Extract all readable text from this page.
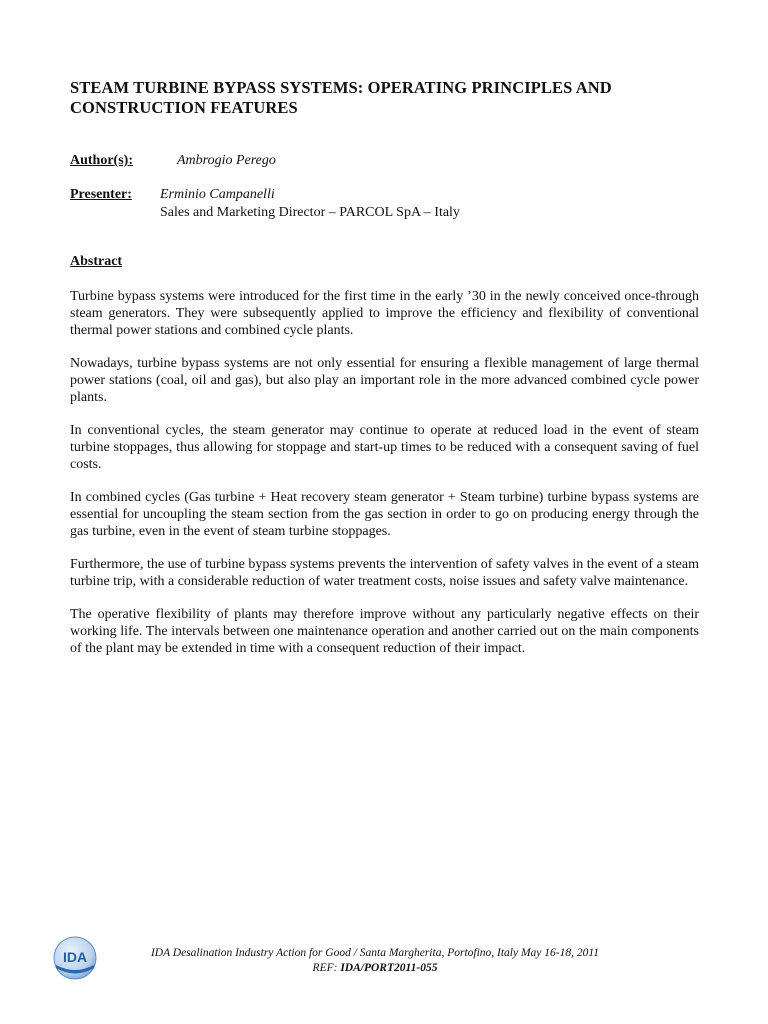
STEAM TURBINE BYPASS SYSTEMS: OPERATING PRINCIPLES AND CONSTRUCTION FEATURES
Author(s):	Ambrogio Perego
Presenter: Erminio Campanelli
Sales and Marketing Director – PARCOL SpA – Italy
Abstract

Turbine bypass systems were introduced for the first time in the early ’30 in the newly conceived once-through steam generators. They were subsequently applied to improve the efficiency and flexibility of conventional thermal power stations and combined cycle plants.

Nowadays, turbine bypass systems are not only essential for ensuring a flexible management of large thermal power stations (coal, oil and gas), but also play an important role in the more advanced combined cycle power plants.

In conventional cycles, the steam generator may continue to operate at reduced load in the event of steam turbine stoppages, thus allowing for stoppage and start-up times to be reduced with a consequent saving of fuel costs.

In combined cycles (Gas turbine + Heat recovery steam generator + Steam turbine) turbine bypass systems are essential for uncoupling the steam section from the gas section in order to go on producing energy through the gas turbine, even in the event of steam turbine stoppages.

Furthermore, the use of turbine bypass systems prevents the intervention of safety valves in the event of a steam turbine trip, with a considerable reduction of water treatment costs, noise issues and safety valve maintenance.

The operative flexibility of plants may therefore improve without any particularly negative effects on their working life. The intervals between one maintenance operation and another carried out on the main components of the plant may be extended in time with a consequent reduction of their impact.

IDA	IDA Desalination Industry Action for Good / Santa Margherita, Portofino, Italy May 16-18, 2011
REF: IDA/PORT2011-055
